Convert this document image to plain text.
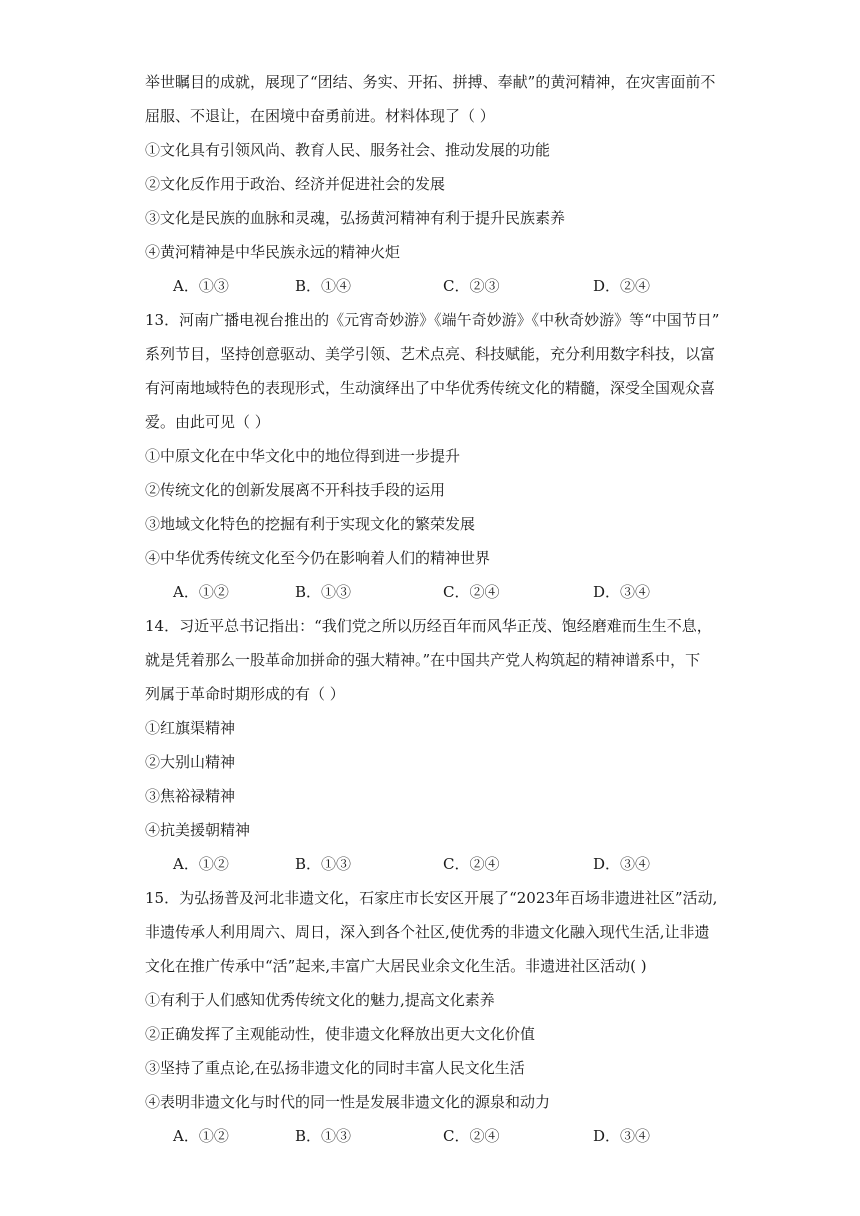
举世瞩目的成就，展现了“团结、务实、开拓、拼搏、奉献”的黄河精神，在灾害面前不
屈服、不退让，在困境中奋勇前进。材料体现了（ ）
①文化具有引领风尚、教育人民、服务社会、推动发展的功能
②文化反作用于政治、经济并促进社会的发展
③文化是民族的血脉和灵魂，弘扬黄河精神有利于提升民族素养
④黄河精神是中华民族永远的精神火炬
A．①③	B．①④	C．②③	D．②④
13．河南广播电视台推出的《元宵奇妙游》《端午奇妙游》《中秋奇妙游》等“中国节日”
系列节目，坚持创意驱动、美学引领、艺术点亮、科技赋能，充分利用数字科技，以富
有河南地域特色的表现形式，生动演绎出了中华优秀传统文化的精髓，深受全国观众喜
爱。由此可见（ ）
①中原文化在中华文化中的地位得到进一步提升
②传统文化的创新发展离不开科技手段的运用
③地域文化特色的挖掘有利于实现文化的繁荣发展
④中华优秀传统文化至今仍在影响着人们的精神世界
A．①②	B．①③	C．②④	D．③④
14．习近平总书记指出：“我们党之所以历经百年而风华正茂、饱经磨难而生生不息，
就是凭着那么一股革命加拼命的强大精神。”在中国共产党人构筑起的精神谱系中，下
列属于革命时期形成的有（ ）
①红旗渠精神
②大别山精神
③焦裕禄精神
④抗美援朝精神
A．①②	B．①③	C．②④	D．③④
15．为弘扬普及河北非遗文化，石家庄市长安区开展了“2023年百场非遗进社区”活动,
非遗传承人利用周六、周日，深入到各个社区,使优秀的非遗文化融入现代生活,让非遗
文化在推广传承中“活”起来,丰富广大居民业余文化生活。非遗进社区活动( )
①有利于人们感知优秀传统文化的魅力,提高文化素养
②正确发挥了主观能动性，使非遗文化释放出更大文化价值
③坚持了重点论,在弘扬非遗文化的同时丰富人民文化生活
④表明非遗文化与时代的同一性是发展非遗文化的源泉和动力
A．①②	B．①③	C．②④	D．③④
